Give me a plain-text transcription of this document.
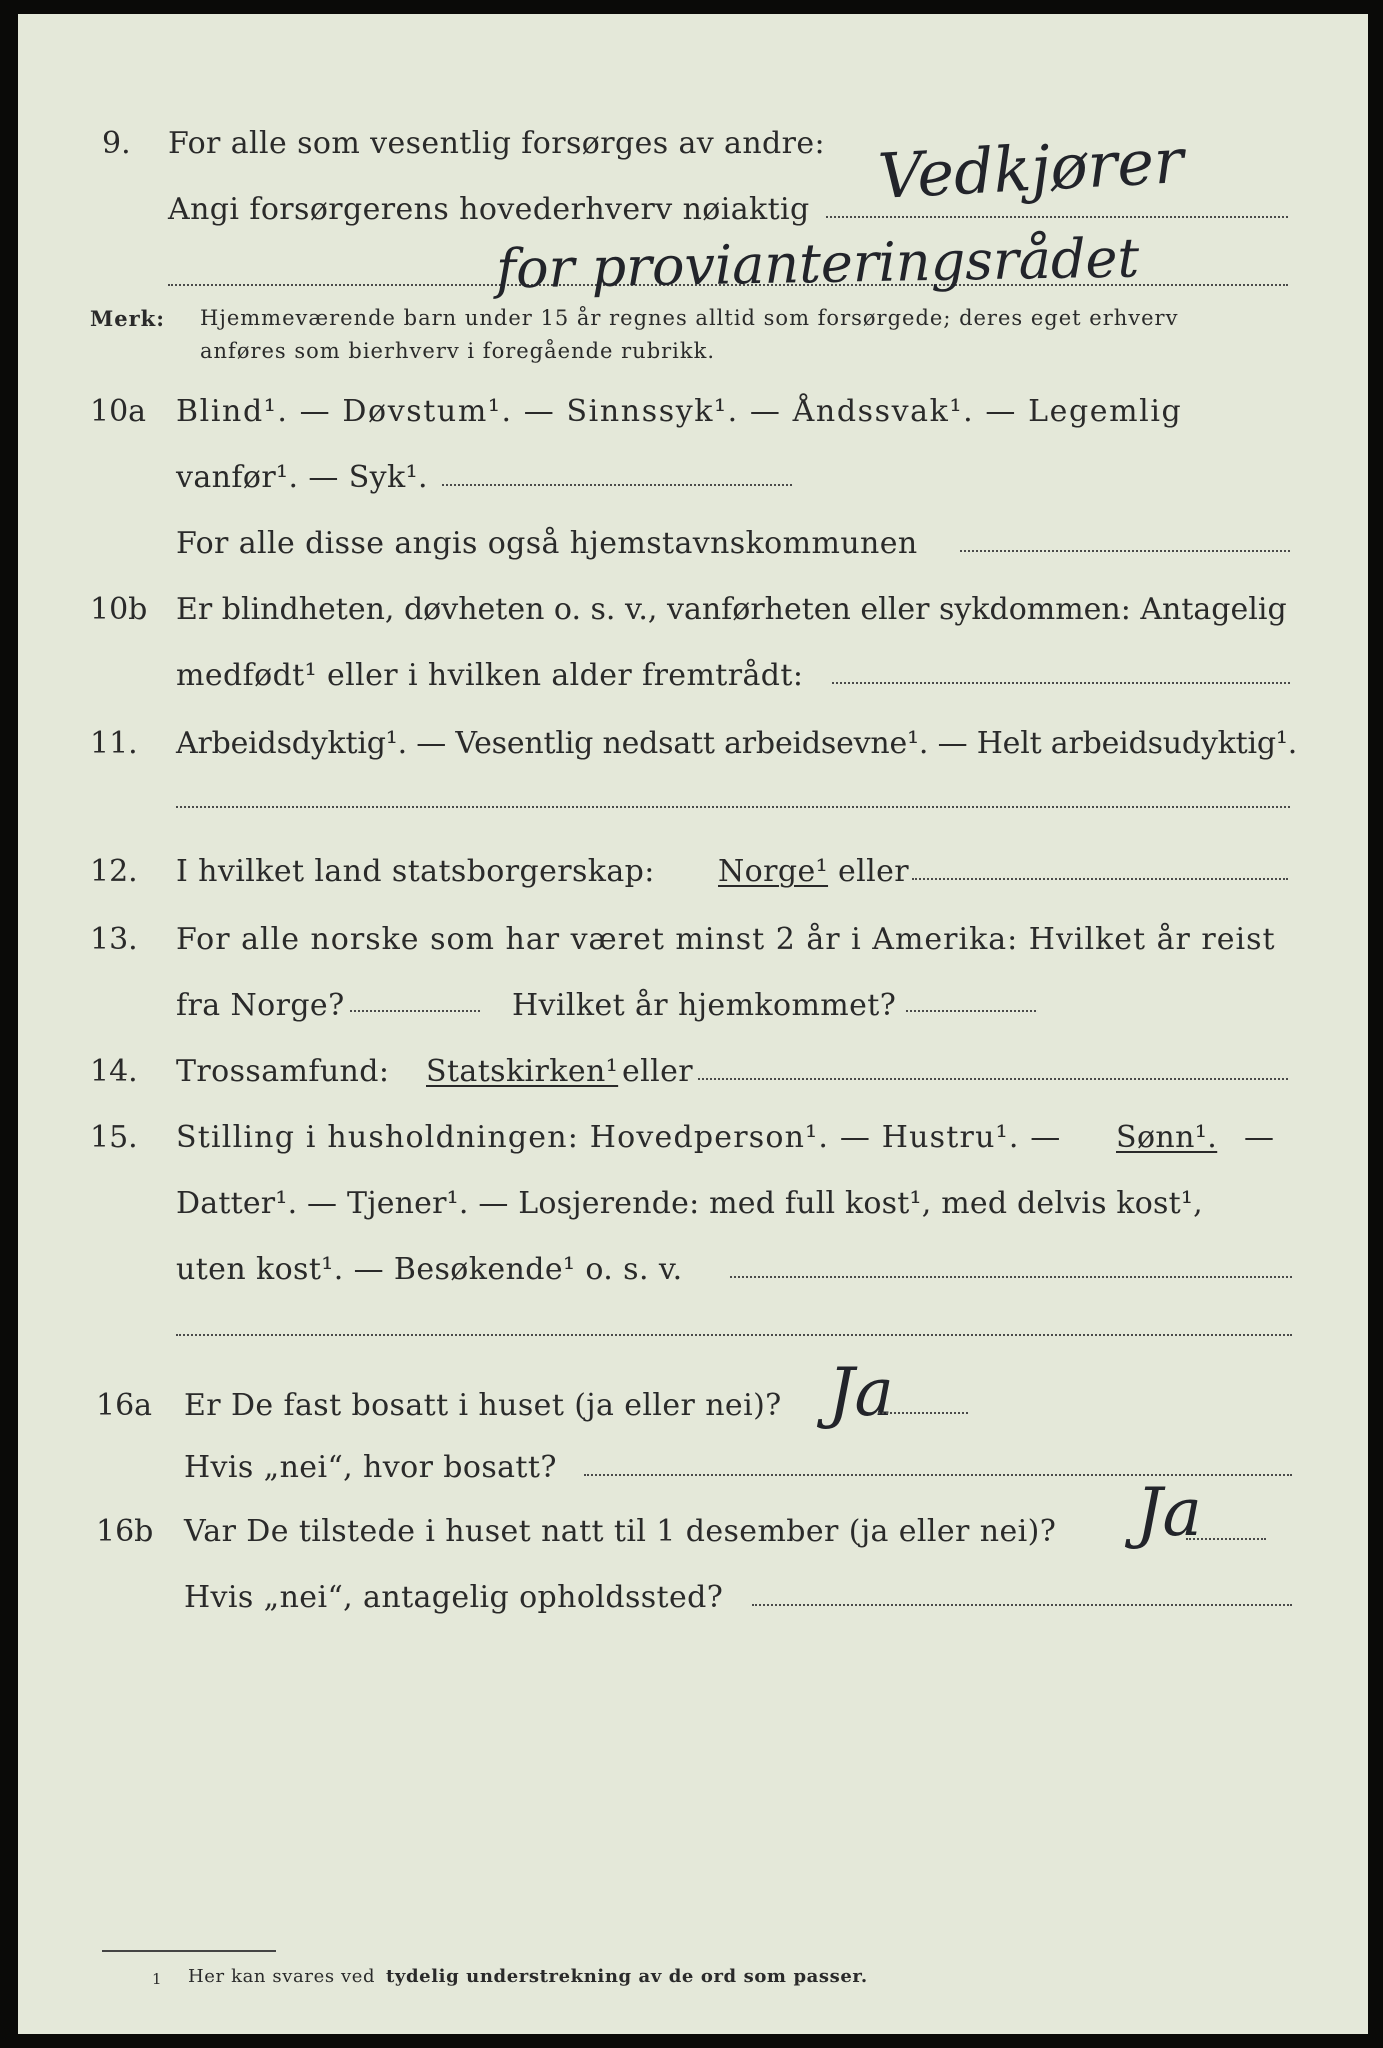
9. For alle som vesentlig forsørges av andre:
Angi forsørgerens hovederhverv nøiaktig Vedkjører
for provianteringsrådet
Merk: Hjemmeværende barn under 15 år regnes alltid som forsørgede; deres eget erhverv
anføres som bierhverv i foregående rubrikk.
10a Blind¹. — Døvstum¹. — Sinnssyk¹. — Åndssvak¹. — Legemlig
vanfør¹. — Syk¹.
For alle disse angis også hjemstavnskommunen
10b Er blindheten, døvheten o. s. v., vanførheten eller sykdommen: Antagelig
medfødt¹ eller i hvilken alder fremtrådt:
11. Arbeidsdyktig¹. — Vesentlig nedsatt arbeidsevne¹. — Helt arbeidsudyktig¹.
12. I hvilket land statsborgerskap: Norge¹ eller
13. For alle norske som har været minst 2 år i Amerika: Hvilket år reist
fra Norge?	Hvilket år hjemkommet?
14. Trossamfund: Statskirken¹ eller
15. Stilling i husholdningen: Hovedperson¹. — Hustru¹. — Sønn¹. —
Datter¹. — Tjener¹. — Losjerende: med full kost¹, med delvis kost¹,
uten kost¹. — Besøkende¹ o. s. v.
16a Er De fast bosatt i huset (ja eller nei)? Ja
Hvis „nei“, hvor bosatt?
16b Var De tilstede i huset natt til 1 desember (ja eller nei)? Ja
Hvis „nei“, antagelig opholdssted?
1 Her kan svares ved tydelig understrekning av de ord som passer.
